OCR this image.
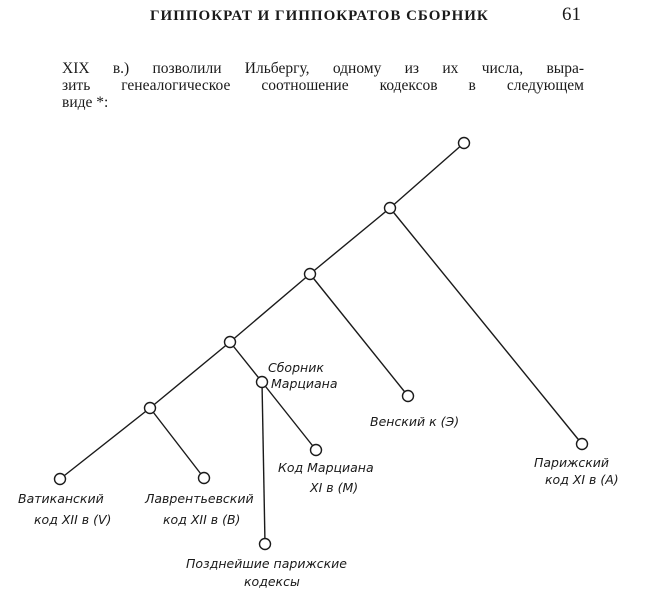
ГИППОКРАТ И ГИППОКРАТОВ СБОРНИК	61
XIX в.) позволили Ильбергу, одному из их числа, выра-
зить генеалогическое соотношение кодексов в следующем
виде *:
Ватиканский
код XII в (V)
Лаврентьевский
код XII в (В)
Сборник
Марциана
Код Марциана
XI в (М)
Позднейшие парижские
кодексы
Венский к (Э)
Парижский
код XI в (А)
